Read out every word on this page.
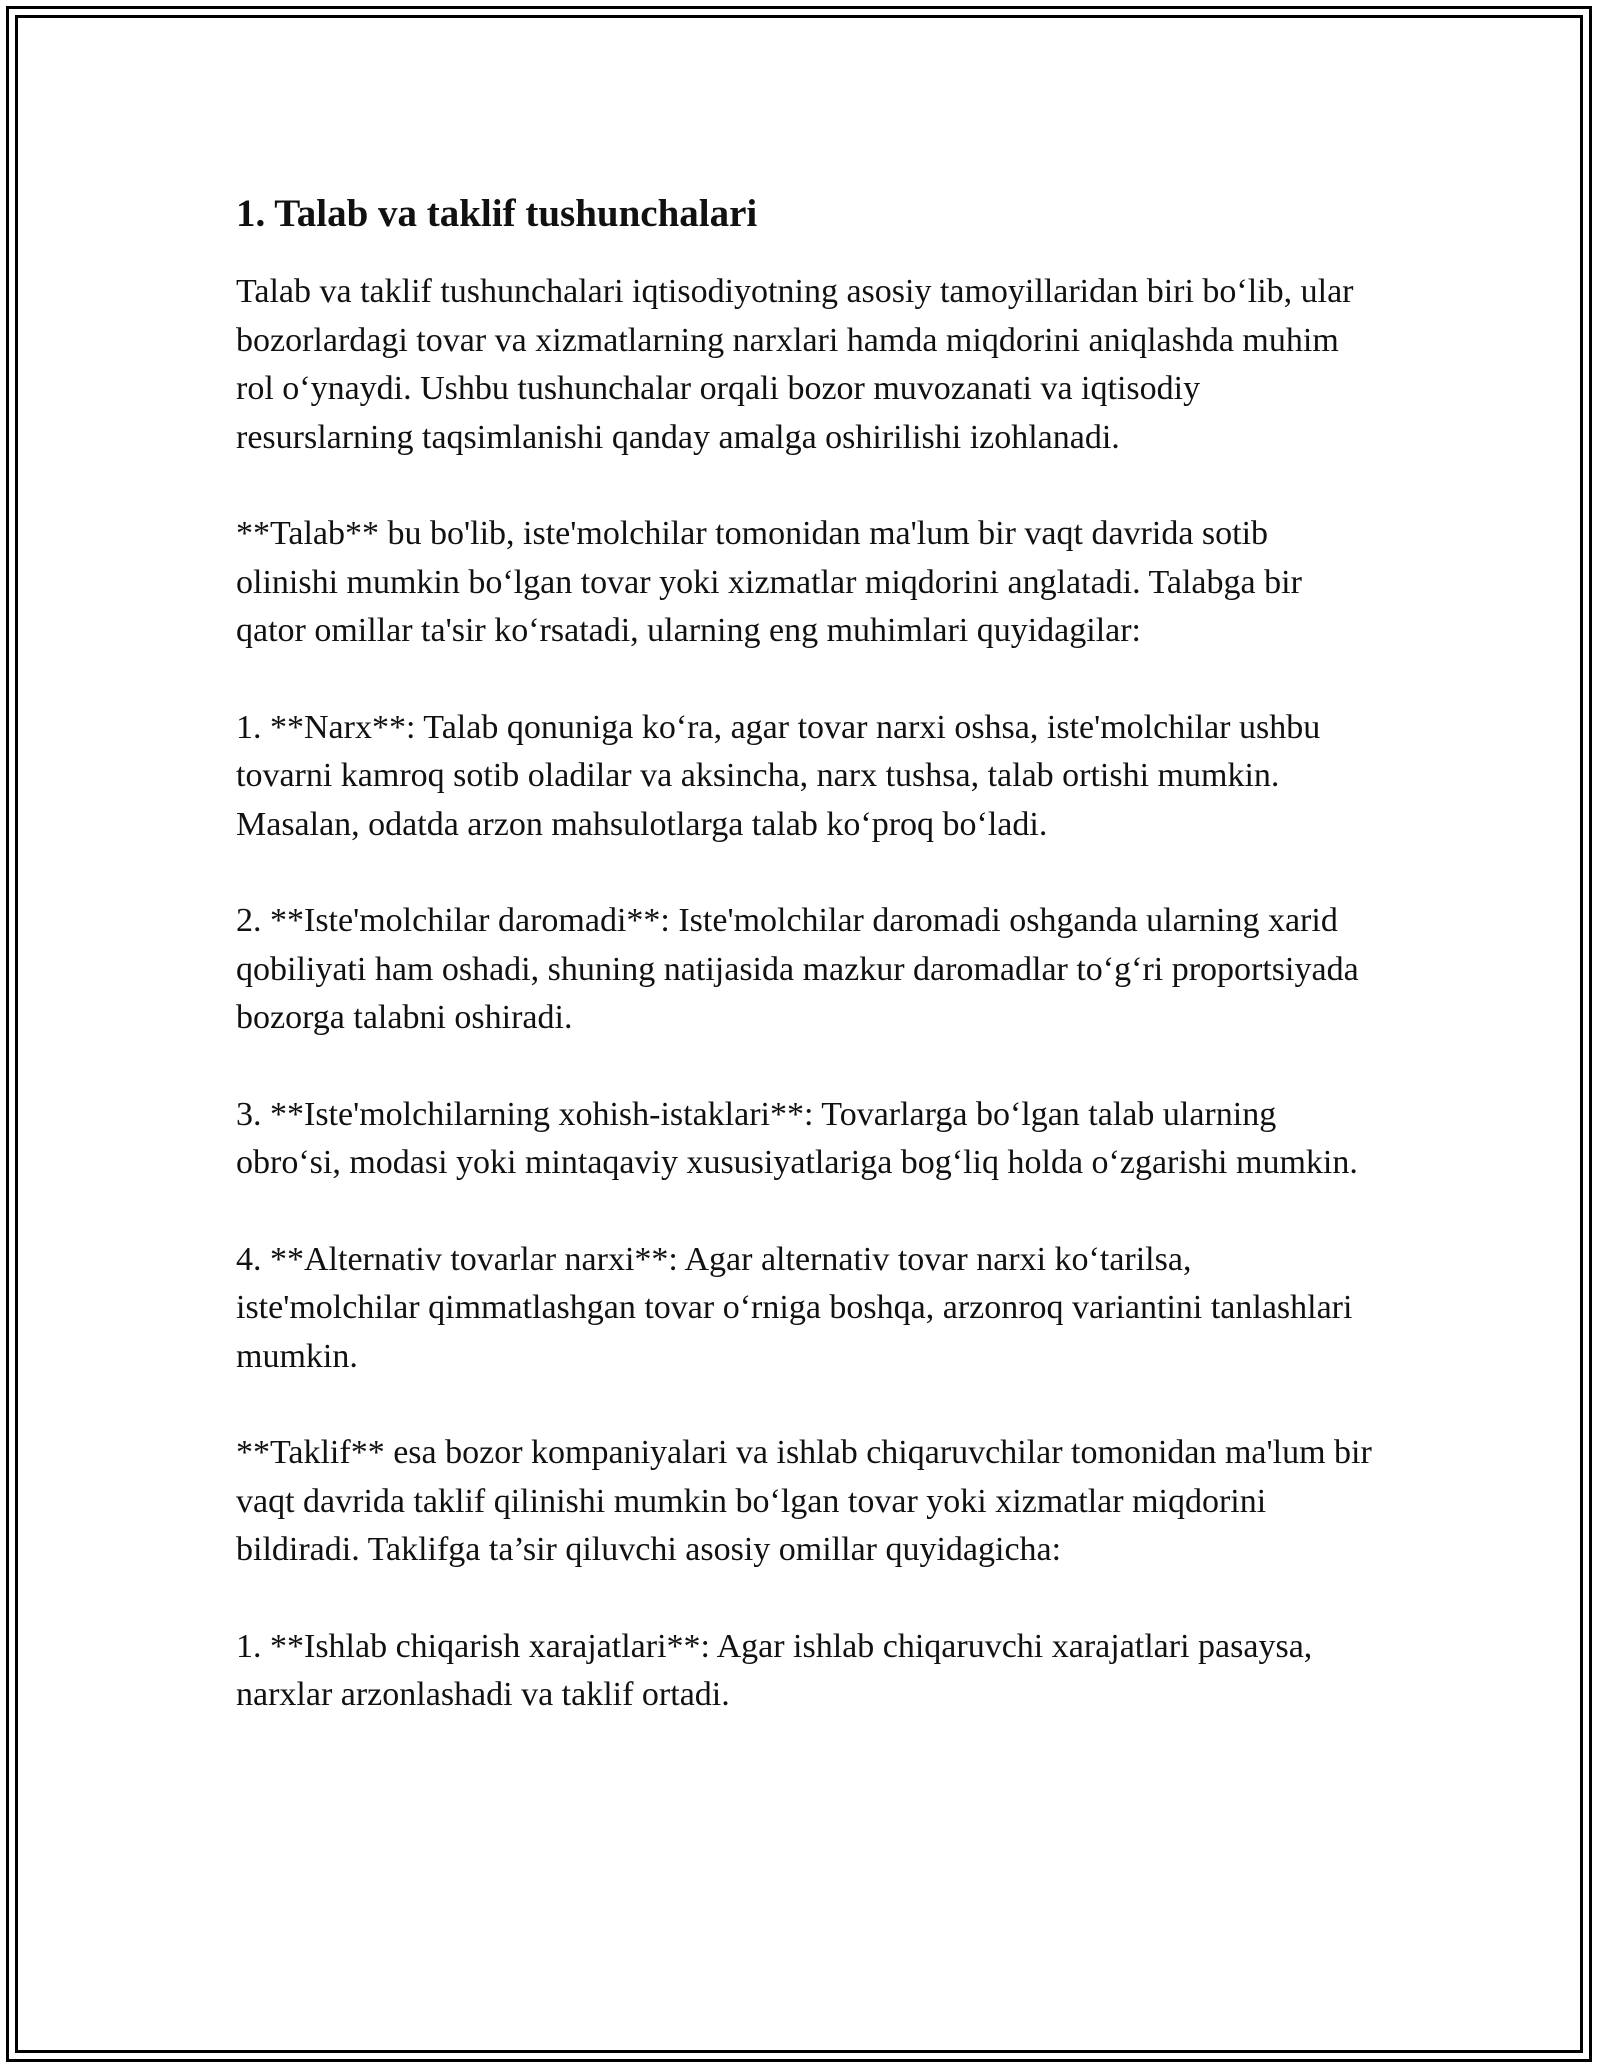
1. Talab va taklif tushunchalari

Talab va taklif tushunchalari iqtisodiyotning asosiy tamoyillaridan biri bo‘lib, ular bozorlardagi tovar va xizmatlarning narxlari hamda miqdorini aniqlashda muhim rol o‘ynaydi. Ushbu tushunchalar orqali bozor muvozanati va iqtisodiy resurslarning taqsimlanishi qanday amalga oshirilishi izohlanadi.

**Talab** bu bo'lib, iste'molchilar tomonidan ma'lum bir vaqt davrida sotib olinishi mumkin bo‘lgan tovar yoki xizmatlar miqdorini anglatadi. Talabga bir qator omillar ta'sir ko‘rsatadi, ularning eng muhimlari quyidagilar:

1. **Narx**: Talab qonuniga ko‘ra, agar tovar narxi oshsa, iste'molchilar ushbu tovarni kamroq sotib oladilar va aksincha, narx tushsa, talab ortishi mumkin. Masalan, odatda arzon mahsulotlarga talab ko‘proq bo‘ladi.

2. **Iste'molchilar daromadi**: Iste'molchilar daromadi oshganda ularning xarid qobiliyati ham oshadi, shuning natijasida mazkur daromadlar to‘g‘ri proportsiyada bozorga talabni oshiradi.

3. **Iste'molchilarning xohish-istaklari**: Tovarlarga bo‘lgan talab ularning obro‘si, modasi yoki mintaqaviy xususiyatlariga bog‘liq holda o‘zgarishi mumkin.

4. **Alternativ tovarlar narxi**: Agar alternativ tovar narxi ko‘tarilsa, iste'molchilar qimmatlashgan tovar o‘rniga boshqa, arzonroq variantini tanlashlari mumkin.

**Taklif** esa bozor kompaniyalari va ishlab chiqaruvchilar tomonidan ma'lum bir vaqt davrida taklif qilinishi mumkin bo‘lgan tovar yoki xizmatlar miqdorini bildiradi. Taklifga ta’sir qiluvchi asosiy omillar quyidagicha:

1. **Ishlab chiqarish xarajatlari**: Agar ishlab chiqaruvchi xarajatlari pasaysa, narxlar arzonlashadi va taklif ortadi.
